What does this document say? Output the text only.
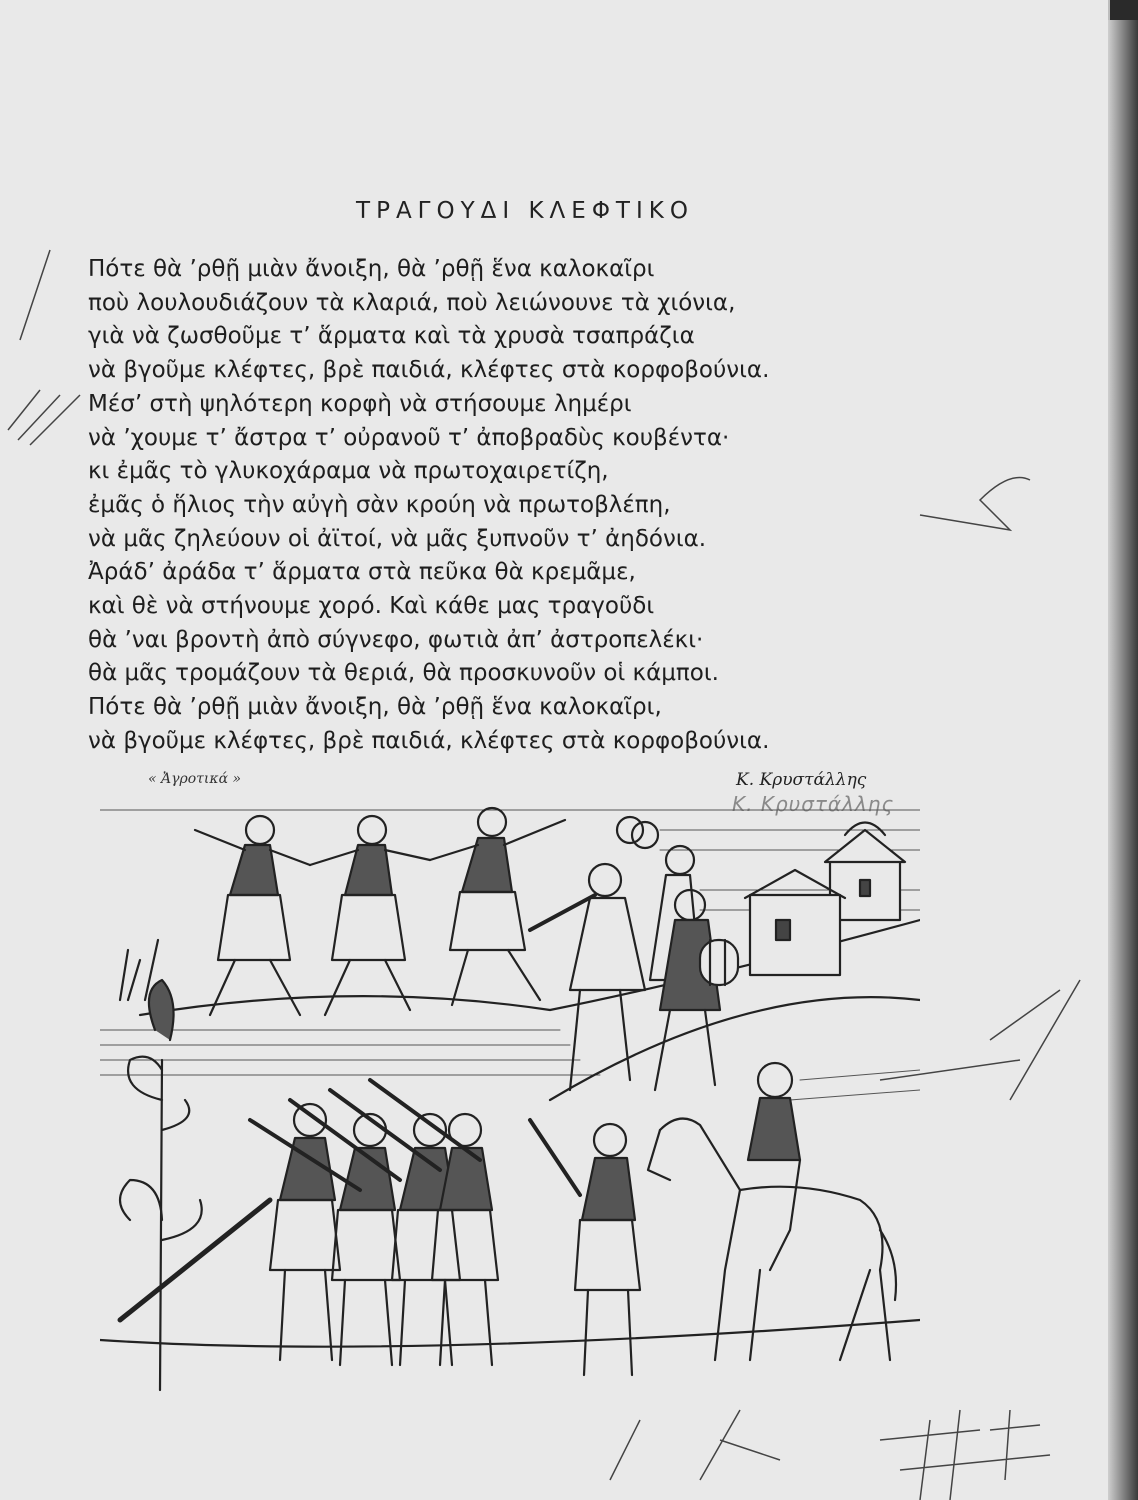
ΤΡΑΓΟΥΔΙ ΚΛΕΦΤΙΚΟ
Πότε θὰ ’ρθῇ μιὰν ἄνοιξη, θὰ ’ρθῇ ἕνα καλοκαῖρι
ποὺ λουλουδιάζουν τὰ κλαριά, ποὺ λειώνουνε τὰ χιόνια,
γιὰ νὰ ζωσθοῦμε τ’ ἅρματα καὶ τὰ χρυσὰ τσαπράζια
νὰ βγοῦμε κλέφτες, βρὲ παιδιά, κλέφτες στὰ κορφοβούνια.
Μέσ’ στὴ ψηλότερη κορφὴ νὰ στήσουμε λημέρι
νὰ ’χουμε τ’ ἄστρα τ’ οὐρανοῦ τ’ ἀποβραδὺς κουβέντα·
κι ἐμᾶς τὸ γλυκοχάραμα νὰ πρωτοχαιρετίζη,
ἐμᾶς ὁ ἥλιος τὴν αὐγὴ σὰν κρούη νὰ πρωτοβλέπη,
νὰ μᾶς ζηλεύουν οἱ ἀϊτοί, νὰ μᾶς ξυπνοῦν τ’ ἀηδόνια.
Ἀράδ’ ἀράδα τ’ ἅρματα στὰ πεῦκα θὰ κρεμᾶμε,
καὶ θὲ νὰ στήνουμε χορό. Καὶ κάθε μας τραγοῦδι
θὰ ’ναι βροντὴ ἀπὸ σύγνεφο, φωτιὰ ἀπ’ ἀστροπελέκι·
θὰ μᾶς τρομάζουν τὰ θεριά, θὰ προσκυνοῦν οἱ κάμποι.
Πότε θὰ ’ρθῇ μιὰν ἄνοιξη, θὰ ’ρθῇ ἕνα καλοκαῖρι,
νὰ βγοῦμε κλέφτες, βρὲ παιδιά, κλέφτες στὰ κορφοβούνια.
« Ἀγροτικά »	Κ. Κρυστάλλης
Κ. Κρυστάλλης
